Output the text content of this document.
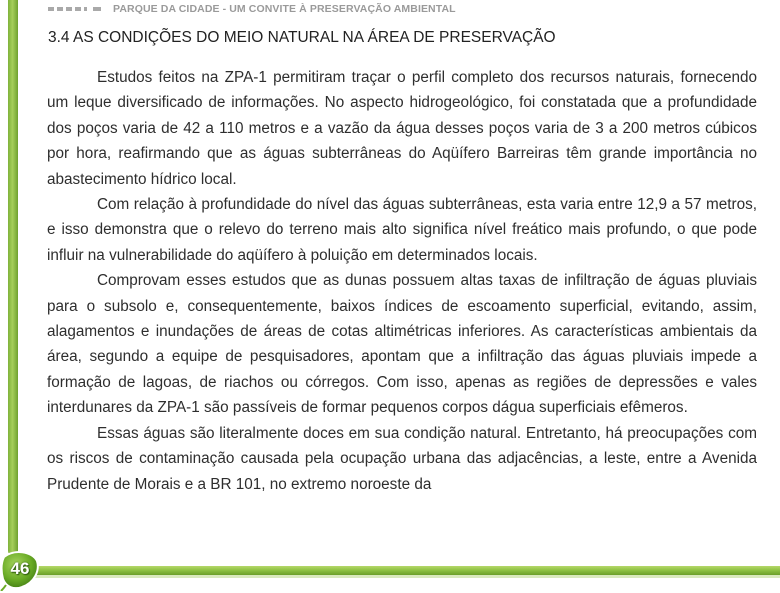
PARQUE DA CIDADE - UM CONVITE À PRESERVAÇÃO AMBIENTAL
3.4 AS CONDIÇÕES DO MEIO NATURAL NA ÁREA DE PRESERVAÇÃO

Estudos feitos na ZPA-1 permitiram traçar o perfil completo dos recursos naturais, fornecendo um leque diversificado de informações. No aspecto hidrogeológico, foi constatada que a profundidade dos poços varia de 42 a 110 metros e a vazão da água desses poços varia de 3 a 200 metros cúbicos por hora, reafirmando que as águas subterrâneas do Aqüífero Barreiras têm grande importância no abastecimento hídrico local.

Com relação à profundidade do nível das águas subterrâneas, esta varia entre 12,9 a 57 metros, e isso demonstra que o relevo do terreno mais alto significa nível freático mais profundo, o que pode influir na vulnerabilidade do aqüífero à poluição em determinados locais.

Comprovam esses estudos que as dunas possuem altas taxas de infiltração de águas pluviais para o subsolo e, consequentemente, baixos índices de escoamento superficial, evitando, assim, alagamentos e inundações de áreas de cotas altimétricas inferiores. As características ambientais da área, segundo a equipe de pesquisadores, apontam que a infiltração das águas pluviais impede a formação de lagoas, de riachos ou córregos. Com isso, apenas as regiões de depressões e vales interdunares da ZPA-1 são passíveis de formar pequenos corpos dágua superficiais efêmeros.

Essas águas são literalmente doces em sua condição natural. Entretanto, há preocupações com os riscos de contaminação causada pela ocupação urbana das adjacências, a leste, entre a Avenida Prudente de Morais e a BR 101, no extremo noroeste da

46
